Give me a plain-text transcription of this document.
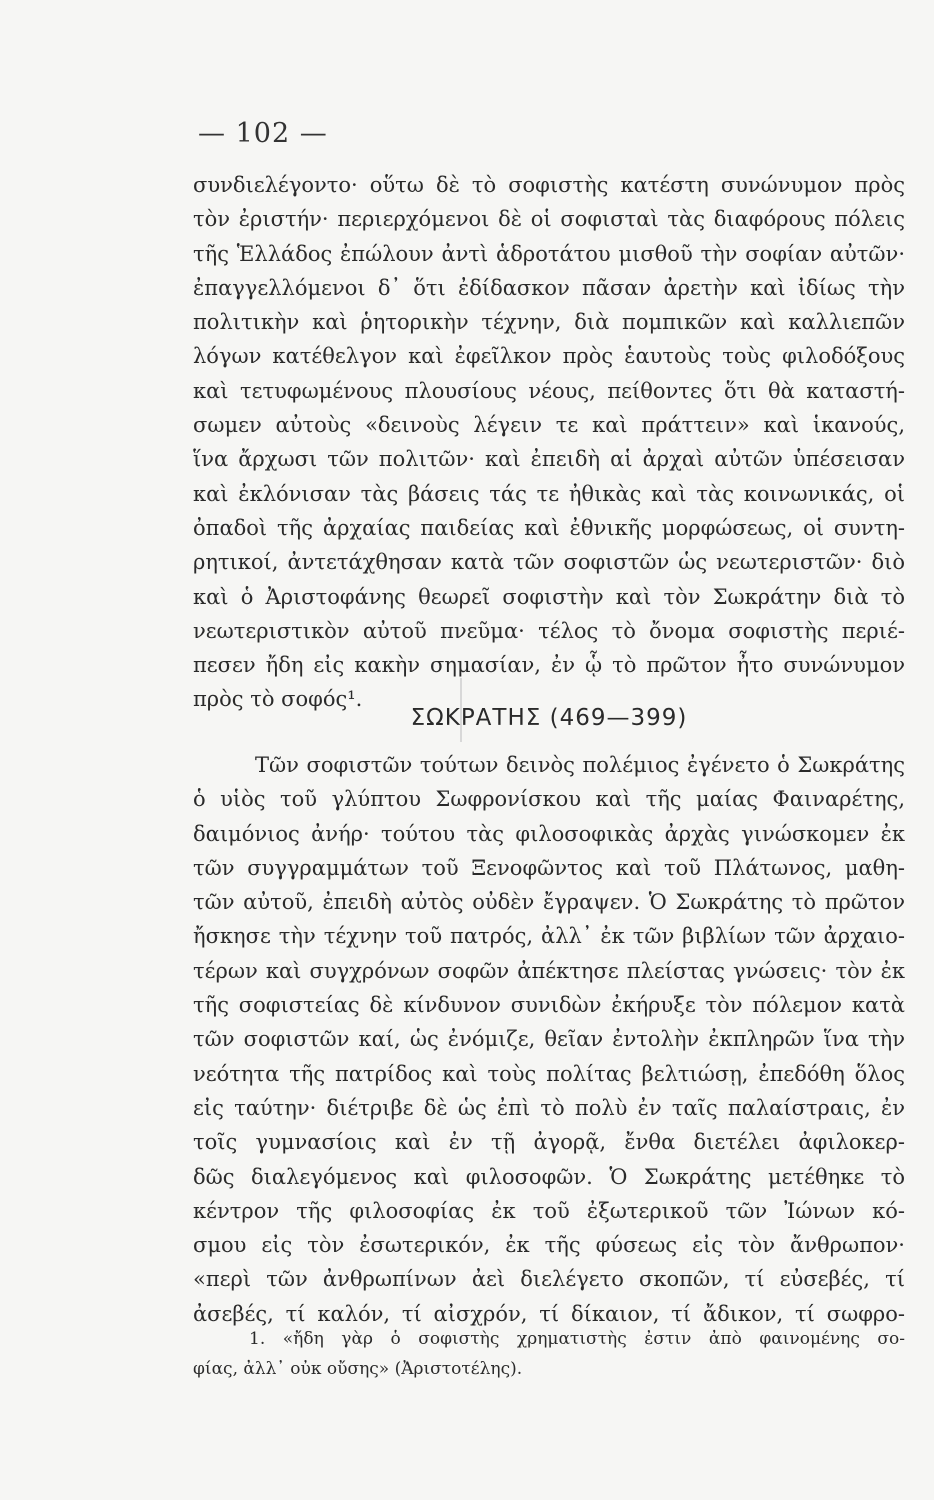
— 102 —
συνδιελέγοντο· οὕτω δὲ τὸ σοφιστὴς κατέστη συνώνυμον πρὸς
τὸν ἐριστήν· περιερχόμενοι δὲ οἱ σοφισταὶ τὰς διαφόρους πόλεις
τῆς Ἑλλάδος ἐπώλουν ἀντὶ ἁδροτάτου μισθοῦ τὴν σοφίαν αὐτῶν·
ἐπαγγελλόμενοι δ᾿ ὅτι ἐδίδασκον πᾶσαν ἀρετὴν καὶ ἰδίως τὴν
πολιτικὴν καὶ ῥητορικὴν τέχνην, διὰ πομπικῶν καὶ καλλιεπῶν
λόγων κατέθελγον καὶ ἐφεῖλκον πρὸς ἑαυτοὺς τοὺς φιλοδόξους
καὶ τετυφωμένους πλουσίους νέους, πείθοντες ὅτι θὰ καταστή-
σωμεν αὐτοὺς «δεινοὺς λέγειν τε καὶ πράττειν» καὶ ἱκανούς,
ἵνα ἄρχωσι τῶν πολιτῶν· καὶ ἐπειδὴ αἱ ἀρχαὶ αὐτῶν ὑπέσεισαν
καὶ ἐκλόνισαν τὰς βάσεις τάς τε ἠθικὰς καὶ τὰς κοινωνικάς, οἱ
ὀπαδοὶ τῆς ἀρχαίας παιδείας καὶ ἐθνικῆς μορφώσεως, οἱ συντη-
ρητικοί, ἀντετάχθησαν κατὰ τῶν σοφιστῶν ὡς νεωτεριστῶν· διὸ
καὶ ὁ Ἀριστοφάνης θεωρεῖ σοφιστὴν καὶ τὸν Σωκράτην διὰ τὸ
νεωτεριστικὸν αὐτοῦ πνεῦμα· τέλος τὸ ὄνομα σοφιστὴς περιέ-
πεσεν ἤδη εἰς κακὴν σημασίαν, ἐν ᾧ τὸ πρῶτον ἦτο συνώνυμον
πρὸς τὸ σοφός¹.
ΣΩΚΡΑΤΗΣ (469—399)
Τῶν σοφιστῶν τούτων δεινὸς πολέμιος ἐγένετο ὁ Σωκράτης
ὁ υἱὸς τοῦ γλύπτου Σωφρονίσκου καὶ τῆς μαίας Φαιναρέτης,
δαιμόνιος ἀνήρ· τούτου τὰς φιλοσοφικὰς ἀρχὰς γινώσκομεν ἐκ
τῶν συγγραμμάτων τοῦ Ξενοφῶντος καὶ τοῦ Πλάτωνος, μαθη-
τῶν αὐτοῦ, ἐπειδὴ αὐτὸς οὐδὲν ἔγραψεν. Ὁ Σωκράτης τὸ πρῶτον
ἤσκησε τὴν τέχνην τοῦ πατρός, ἀλλ᾿ ἐκ τῶν βιβλίων τῶν ἀρχαιο-
τέρων καὶ συγχρόνων σοφῶν ἀπέκτησε πλείστας γνώσεις· τὸν ἐκ
τῆς σοφιστείας δὲ κίνδυνον συνιδὼν ἐκήρυξε τὸν πόλεμον κατὰ
τῶν σοφιστῶν καί, ὡς ἐνόμιζε, θεῖαν ἐντολὴν ἐκπληρῶν ἵνα τὴν
νεότητα τῆς πατρίδος καὶ τοὺς πολίτας βελτιώσῃ, ἐπεδόθη ὅλος
εἰς ταύτην· διέτριβε δὲ ὡς ἐπὶ τὸ πολὺ ἐν ταῖς παλαίστραις, ἐν
τοῖς γυμνασίοις καὶ ἐν τῇ ἀγορᾷ, ἔνθα διετέλει ἀφιλοκερ-
δῶς διαλεγόμενος καὶ φιλοσοφῶν. Ὁ Σωκράτης μετέθηκε τὸ
κέντρον τῆς φιλοσοφίας ἐκ τοῦ ἐξωτερικοῦ τῶν Ἰώνων κό-
σμου εἰς τὸν ἐσωτερικόν, ἐκ τῆς φύσεως εἰς τὸν ἄνθρωπον·
«περὶ τῶν ἀνθρωπίνων ἀεὶ διελέγετο σκοπῶν, τί εὐσεβές, τί
ἀσεβές, τί καλόν, τί αἰσχρόν, τί δίκαιον, τί ἄδικον, τί σωφρο-
1. «ἤδη γὰρ ὁ σοφιστὴς χρηματιστὴς ἐστιν ἀπὸ φαινομένης σο-
φίας, ἀλλ᾿ οὐκ οὔσης» (Ἀριστοτέλης).
